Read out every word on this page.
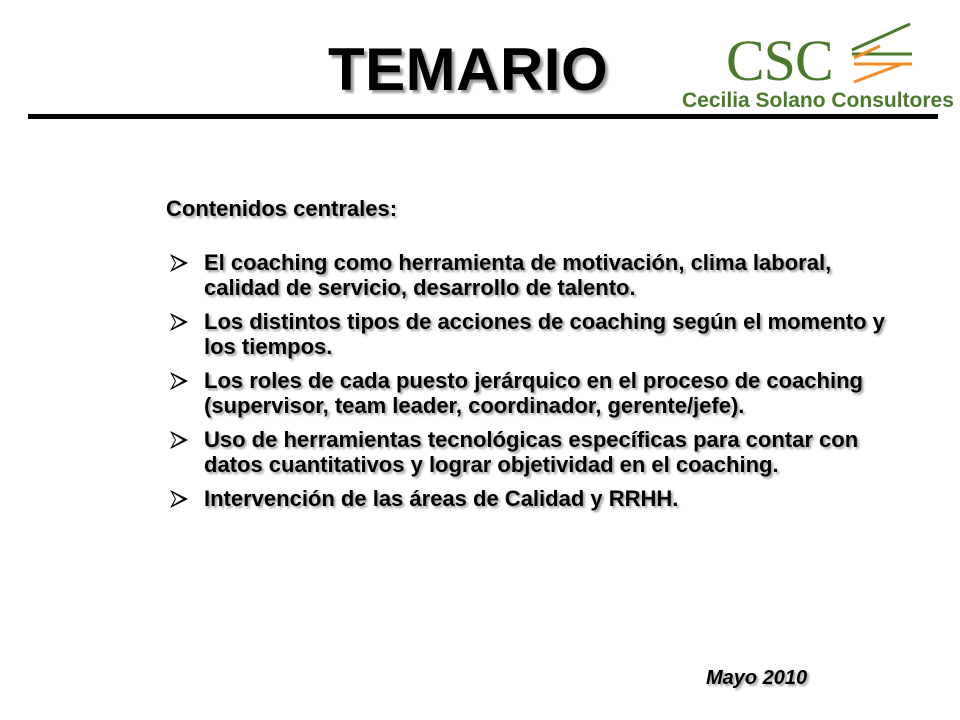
TEMARIO CSC
Cecilia Solano Consultores
Contenidos centrales:
El coaching como herramienta de motivación, clima laboral, calidad de servicio, desarrollo de talento.
Los distintos tipos de acciones de coaching según el momento y los tiempos.
Los roles de cada puesto jerárquico en el proceso de coaching (supervisor, team leader, coordinador, gerente/jefe).
Uso de herramientas tecnológicas específicas para contar con datos cuantitativos y lograr objetividad en el coaching.
Intervención de las áreas de Calidad y RRHH.
Mayo 2010
